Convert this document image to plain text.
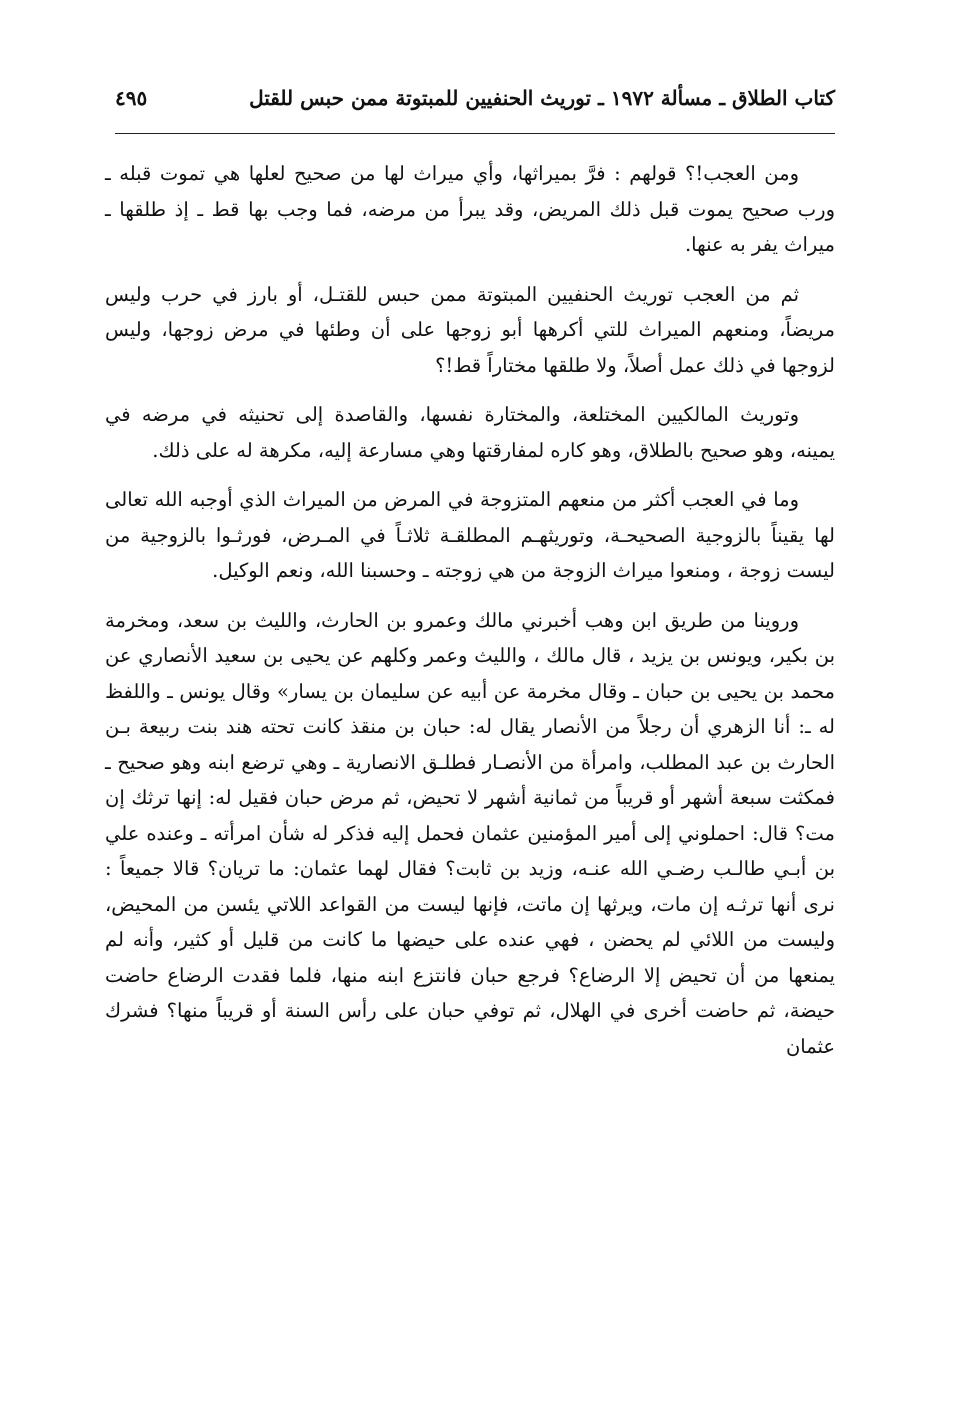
كتاب الطلاق ـ مسألة ١٩٧٢ ـ توريث الحنفيين للمبتوتة ممن حبس للقتل
٤٩٥

ومن العجب!؟ قولهم : فرَّ بميراثها، وأي ميراث لها من صحيح لعلها هي تموت قبله ـ ورب صحيح يموت قبل ذلك المريض، وقد يبرأ من مرضه، فما وجب بها قط ـ إذ طلقها ـ ميراث يفر به عنها.

ثم من العجب توريث الحنفيين المبتوتة ممن حبس للقتـل، أو بارز في حرب وليس مريضاً، ومنعهم الميراث للتي أكرهها أبو زوجها على أن وطئها في مرض زوجها، وليس لزوجها في ذلك عمل أصلاً، ولا طلقها مختاراً قط!؟

وتوريث المالكيين المختلعة، والمختارة نفسها، والقاصدة إلى تحنيثه في مرضه في يمينه، وهو صحيح بالطلاق، وهو كاره لمفارقتها وهي مسارعة إليه، مكرهة له على ذلك.

وما في العجب أكثر من منعهم المتزوجة في المرض من الميراث الذي أوجبه الله تعالى لها يقيناً بالزوجية الصحيحـة، وتوريثهـم المطلقـة ثلاثـاً في المـرض، فورثـوا بالزوجية من ليست زوجة ، ومنعوا ميراث الزوجة من هي زوجته ـ وحسبنا الله، ونعم الوكيل.

وروينا من طريق ابن وهب أخبرني مالك وعمرو بن الحارث، والليث بن سعد، ومخرمة بن بكير، ويونس بن يزيد ، قال مالك ، والليث وعمر وكلهم عن يحيى بن سعيد الأنصاري عن محمد بن يحيى بن حبان ـ وقال مخرمة عن أبيه عن سليمان بن يسار» وقال يونس ـ واللفظ له ـ: أنا الزهري أن رجلاً من الأنصار يقال له: حبان بن منقذ كانت تحته هند بنت ربيعة بـن الحارث بن عبد المطلب، وامرأة من الأنصـار فطلـق الانصارية ـ وهي ترضع ابنه وهو صحيح ـ فمكثت سبعة أشهر أو قريباً من ثمانية أشهر لا تحيض، ثم مرض حبان فقيل له: إنها ترثك إن مت؟ قال: احملوني إلى أمير المؤمنين عثمان فحمل إليه فذكر له شأن امرأته ـ وعنده علي بن أبـي طالـب رضـي الله عنـه، وزيد بن ثابت؟ فقال لهما عثمان: ما تريان؟ قالا جميعاً : نرى أنها ترثـه إن مات، ويرثها إن ماتت، فإنها ليست من القواعد اللاتي يئسن من المحيض، وليست من اللائي لم يحضن ، فهي عنده على حيضها ما كانت من قليل أو كثير، وأنه لم يمنعها من أن تحيض إلا الرضاع؟ فرجع حبان فانتزع ابنه منها، فلما فقدت الرضاع حاضت حيضة، ثم حاضت أخرى في الهلال، ثم توفي حبان على رأس السنة أو قريباً منها؟ فشرك عثمان
